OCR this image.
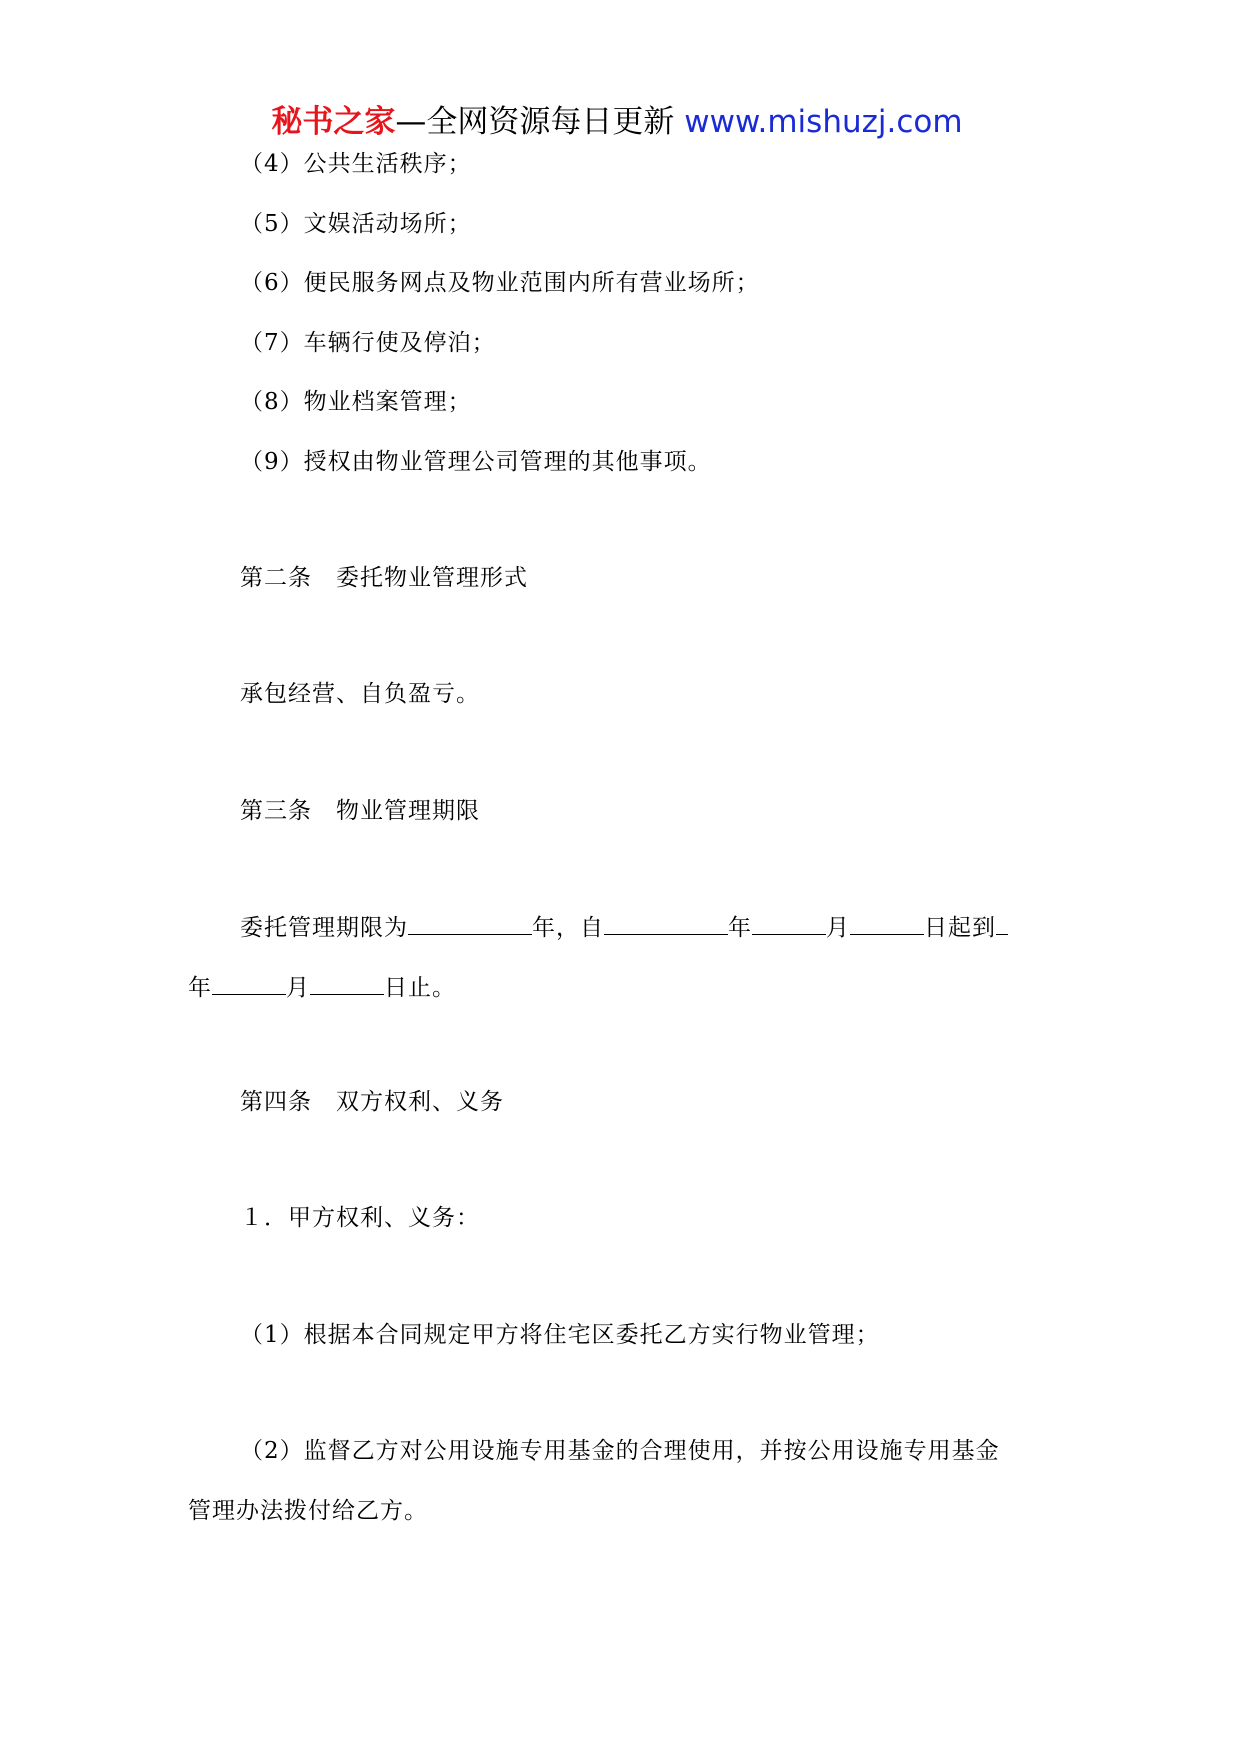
秘书之家—全网资源每日更新 www.mishuzj.com
（4）公共生活秩序；
（5）文娱活动场所；
（6）便民服务网点及物业范围内所有营业场所；
（7）车辆行使及停泊；
（8）物业档案管理；
（9）授权由物业管理公司管理的其他事项。
第二条　委托物业管理形式
承包经营、自负盈亏。
第三条　物业管理期限
委托管理期限为	年，自	年	月	日起到
年	月	日止。
第四条　双方权利、义务
１．甲方权利、义务：
（1）根据本合同规定甲方将住宅区委托乙方实行物业管理；
（2）监督乙方对公用设施专用基金的合理使用，并按公用设施专用基金
管理办法拨付给乙方。
